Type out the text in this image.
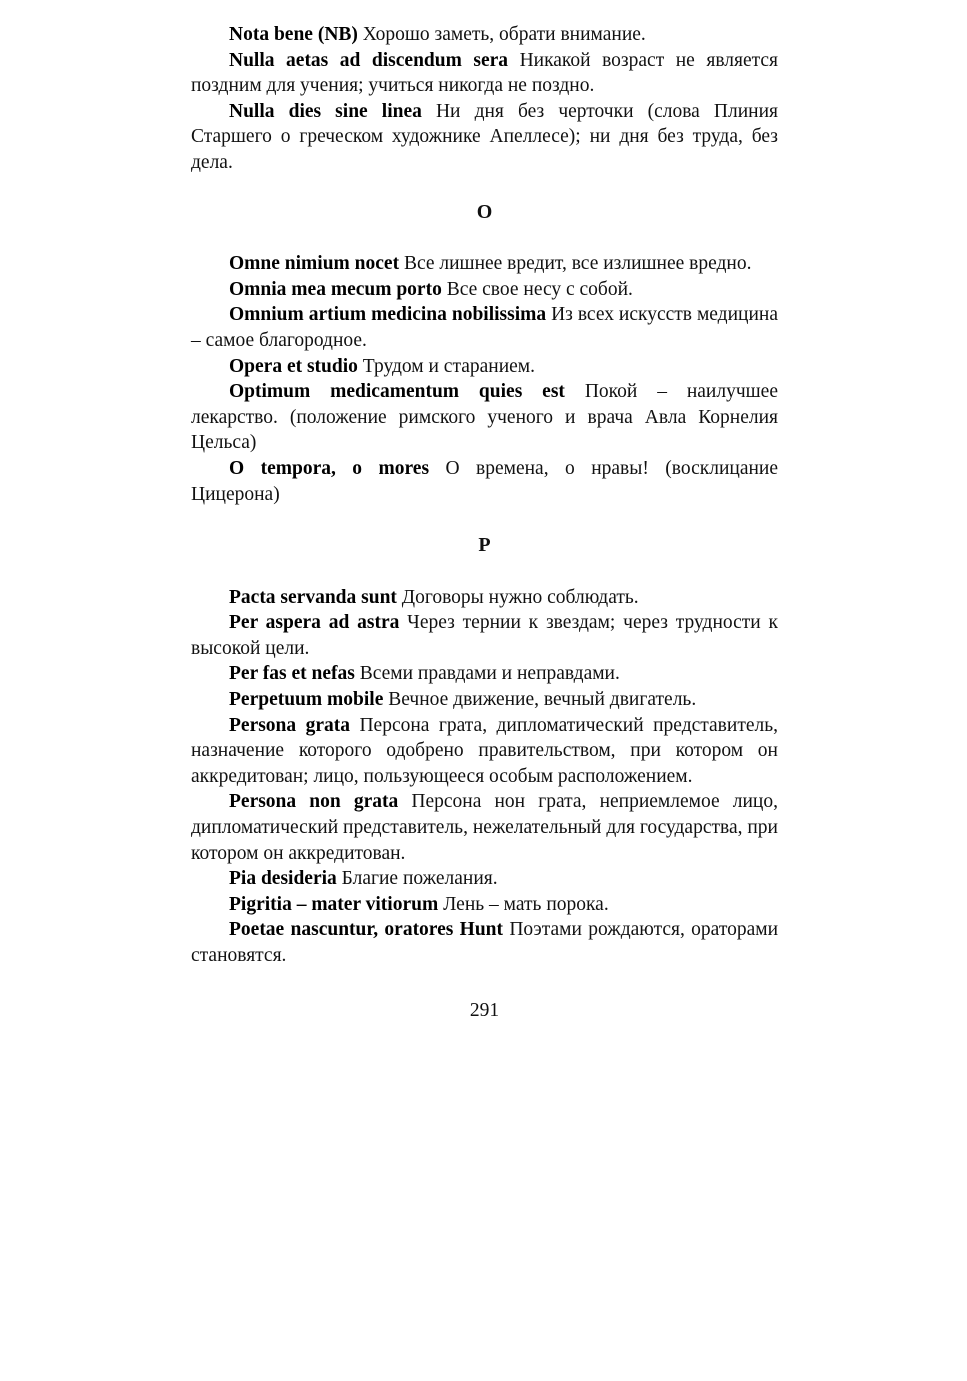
Nota bene (NB) Хорошо заметь, обрати внимание.

Nulla aetas ad discendum sera Никакой возраст не является поздним для учения; учиться никогда не поздно.

Nulla dies sine linea Ни дня без черточки (слова Плиния Старшего о греческом художнике Апеллесе); ни дня без труда, без дела.

O

Omne nimium nocet Все лишнее вредит, все излишнее вредно.

Omnia mea mecum porto Все свое несу с собой.

Omnium artium medicina nobilissima Из всех искусств медицина – самое благородное.

Opera et studio Трудом и старанием.

Optimum medicamentum quies est Покой – наилучшее лекарство. (положение римского ученого и врача Авла Корнелия Цельса)

O tempora, o mores О времена, о нравы! (восклицание Цицерона)

P

Pacta servanda sunt Договоры нужно соблюдать.

Per aspera ad astra Через тернии к звездам; через трудности к высокой цели.

Per fas et nefas Всеми правдами и неправдами.

Perpetuum mobile Вечное движение, вечный двигатель.

Persona grata Персона грата, дипломатический представитель, назначение которого одобрено правительством, при котором он аккредитован; лицо, пользующееся особым расположением.

Persona non grata Персона нон грата, неприемлемое лицо, дипломатический представитель, нежелательный для государства, при котором он аккредитован.

Pia desideria Благие пожелания.

Pigritia – mater vitiorum Лень – мать порока.

Poetae nascuntur, oratores Hunt Поэтами рождаются, ораторами становятся.

291
